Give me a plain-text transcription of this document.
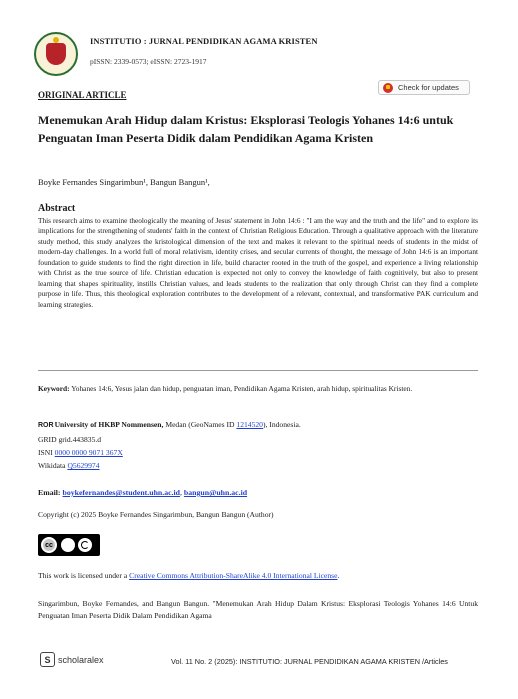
INSTITUTIO : JURNAL PENDIDIKAN AGAMA KRISTEN
pISSN: 2339-0573; eISSN: 2723-1917
Check for updates
ORIGINAL ARTICLE
Menemukan Arah Hidup dalam Kristus: Eksplorasi Teologis Yohanes 14:6 untuk Penguatan Iman Peserta Didik dalam Pendidikan Agama Kristen
Boyke Fernandes Singarimbun¹, Bangun Bangun¹,
Abstract
This research aims to examine theologically the meaning of Jesus' statement in John 14:6 : "I am the way and the truth and the life" and to explore its implications for the strengthening of students' faith in the context of Christian Religious Education. Through a qualitative approach with the literature study method, this study analyzes the kristological dimension of the text and makes it relevant to the spiritual needs of students in the midst of modern-day challenges. In a world full of moral relativism, identity crises, and secular currents of thought, the message of John 14:6 is an important foundation to guide students to find the right direction in life, build character rooted in the truth of the gospel, and experience a living relationship with Christ as the true source of life. Christian education is expected not only to convey the knowledge of faith cognitively, but also to present learning that shapes spirituality, instills Christian values, and leads students to the realization that only through Christ can they find a complete purpose in life. Thus, this theological exploration contributes to the development of a relevant, contextual, and transformative PAK curriculum and learning strategies.
Keyword: Yohanes 14:6, Yesus jalan dan hidup, penguatan iman, Pendidikan Agama Kristen, arah hidup, spiritualitas Kristen.
ROR University of HKBP Nommensen,
Medan (GeoNames ID
1214520 ), Indonesia.
GRID grid.443835.d
ISNI 0000 0000 9071 367X
Wikidata Q5629974
Email: boykefernandes@student.uhn.ac.id, bangun@uhn.ac.id
Copyright (c) 2025 Boyke Fernandes Singarimbun, Bangun Bangun (Author)
cc
This work is licensed under a Creative Commons Attribution-ShareAlike 4.0 International License.
Singarimbun, Boyke Fernandes, and Bangun Bangun. "Menemukan Arah Hidup Dalam Kristus: Eksplorasi Teologis Yohanes 14:6 Untuk Penguatan Iman Peserta Didik Dalam Pendidikan Agama
S scholaralex	Vol. 11 No. 2 (2025): INSTITUTIO: JURNAL PENDIDIKAN AGAMA KRISTEN /Articles
